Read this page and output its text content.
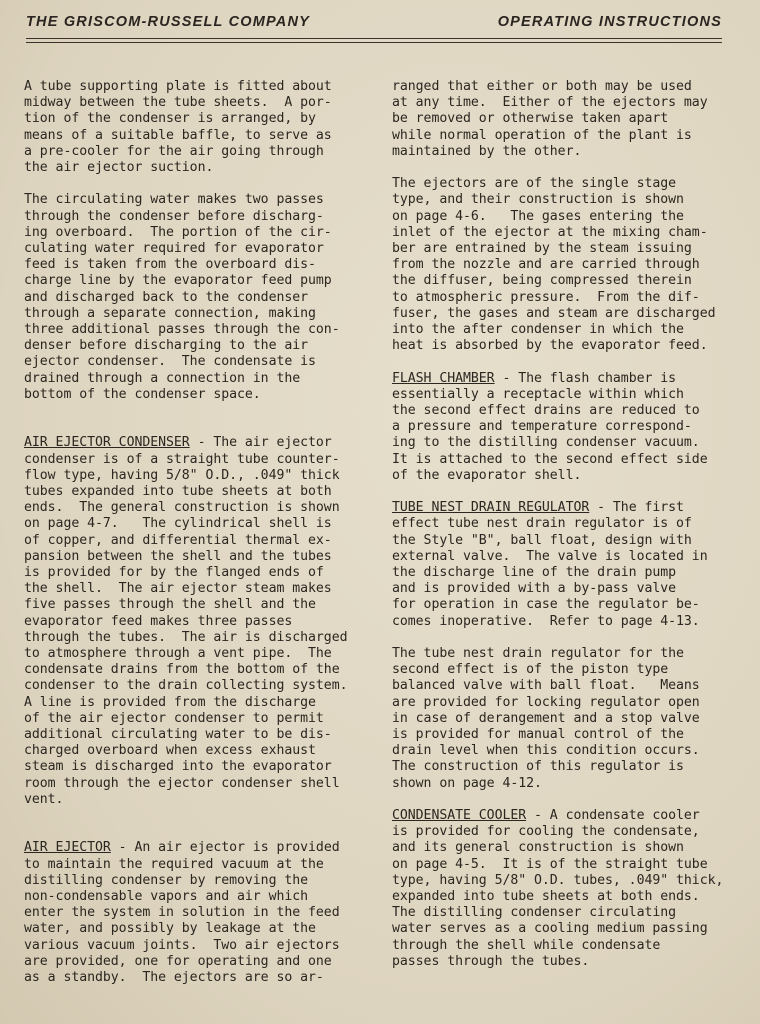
THE GRISCOM-RUSSELL COMPANY	OPERATING INSTRUCTIONS

A tube supporting plate is fitted about
midway between the tube sheets.  A por-
tion of the condenser is arranged, by
means of a suitable baffle, to serve as
a pre-cooler for the air going through
the air ejector suction.

The circulating water makes two passes
through the condenser before discharg-
ing overboard.  The portion of the cir-
culating water required for evaporator
feed is taken from the overboard dis-
charge line by the evaporator feed pump
and discharged back to the condenser
through a separate connection, making
three additional passes through the con-
denser before discharging to the air
ejector condenser.  The condensate is
drained through a connection in the
bottom of the condenser space.

AIR EJECTOR CONDENSER - The air ejector
condenser is of a straight tube counter-
flow type, having 5/8" O.D., .049" thick
tubes expanded into tube sheets at both
ends.  The general construction is shown
on page 4-7.   The cylindrical shell is
of copper, and differential thermal ex-
pansion between the shell and the tubes
is provided for by the flanged ends of
the shell.  The air ejector steam makes
five passes through the shell and the
evaporator feed makes three passes
through the tubes.  The air is discharged
to atmosphere through a vent pipe.  The
condensate drains from the bottom of the
condenser to the drain collecting system.
A line is provided from the discharge
of the air ejector condenser to permit
additional circulating water to be dis-
charged overboard when excess exhaust
steam is discharged into the evaporator
room through the ejector condenser shell
vent.

AIR EJECTOR - An air ejector is provided
to maintain the required vacuum at the
distilling condenser by removing the
non-condensable vapors and air which
enter the system in solution in the feed
water, and possibly by leakage at the
various vacuum joints.  Two air ejectors
are provided, one for operating and one
as a standby.  The ejectors are so ar-

ranged that either or both may be used
at any time.  Either of the ejectors may
be removed or otherwise taken apart
while normal operation of the plant is
maintained by the other.

The ejectors are of the single stage
type, and their construction is shown
on page 4-6.   The gases entering the
inlet of the ejector at the mixing cham-
ber are entrained by the steam issuing
from the nozzle and are carried through
the diffuser, being compressed therein
to atmospheric pressure.  From the dif-
fuser, the gases and steam are discharged
into the after condenser in which the
heat is absorbed by the evaporator feed.

FLASH CHAMBER - The flash chamber is
essentially a receptacle within which
the second effect drains are reduced to
a pressure and temperature correspond-
ing to the distilling condenser vacuum.
It is attached to the second effect side
of the evaporator shell.

TUBE NEST DRAIN REGULATOR - The first
effect tube nest drain regulator is of
the Style "B", ball float, design with
external valve.  The valve is located in
the discharge line of the drain pump
and is provided with a by-pass valve
for operation in case the regulator be-
comes inoperative.  Refer to page 4-13.

The tube nest drain regulator for the
second effect is of the piston type
balanced valve with ball float.   Means
are provided for locking regulator open
in case of derangement and a stop valve
is provided for manual control of the
drain level when this condition occurs.
The construction of this regulator is
shown on page 4-12.

CONDENSATE COOLER - A condensate cooler
is provided for cooling the condensate,
and its general construction is shown
on page 4-5.  It is of the straight tube
type, having 5/8" O.D. tubes, .049" thick,
expanded into tube sheets at both ends.
The distilling condenser circulating
water serves as a cooling medium passing
through the shell while condensate
passes through the tubes.
